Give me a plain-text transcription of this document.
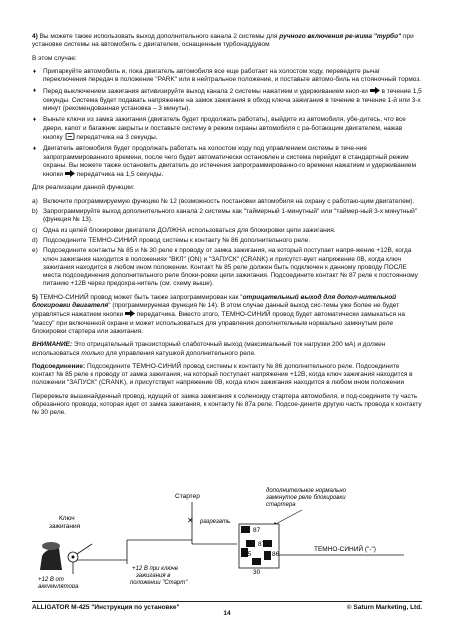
4) Вы можете также использовать выход дополнительного канала 2 системы для ручного включения ре-жима "турбо" при установке системы на автомобиль с двигателем, оснащенным турбонаддувом

В этом случае:

♦ Припаркуйте автомобиль и, пока двигатель автомобиля все еще работает на холостом ходу, переведите рычаг переключения передач в положение "PARK" или в нейтральное положение, и поставьте автомо-биль на стояночный тормоз.
♦ Перед выключением зажигания активизируйте выход канала 2 системы нажатием и удерживанием кноп-ки в течение 1,5 секунды. Система будет подавать напряжение на замок зажигания в обход ключа зажигания в течение в течение 1-й или 3-х минут (рекомендованная установка – 3 минуты).
♦ Выньте ключи из замка зажигания (двигатель будет продолжать работать), выйдите из автомобиля, убе-дитесь, что все двери, капот и багажник закрыты и поставьте систему в режим охраны автомобиля с ра-ботающим двигателем, нажав кнопку передатчика на 3 секунды.
♦ Двигатель автомобиля будет продолжать работать на холостом ходу под управлением системы в тече-ние запрограммированного времени, после чего будет автоматически остановлен и система перейдет в стандартный режим охраны. Вы можете также остановить двигатель до истечения запрограммированно-го времени нажатием и удерживанием кнопки передатчика на 1,5 секунды.

Для реализации данной функции:

а) Включите программируемую функцию № 12 (возможность постановки автомобиля на охрану с работаю-щим двигателем).
b) Запрограммируйте выход дополнительного канала 2 системы как "таймерный 1-минутный" или "таймер-ный 3-х минутный" (функция № 13).
с) Одна из цепей блокировки двигателя ДОЛЖНА использоваться для блокировки цепи зажигания.
d) Подсоедините ТЕМНО-СИНИЙ провод системы к контакту № 86 дополнительного реле.
е) Подсоедините контакты № 85 и № 30 реле к проводу от замка зажигания, на который поступает напря-жение +12В, когда ключ зажигания находится в положениях "ВКЛ" (ON) и "ЗАПУСК" (CRANK) и присутст-вует напряжение 0В, когда ключ зажигания находится в любом ином положении. Контакт № 85 реле должен быть подключен к данному проводу ПОСЛЕ места подсоединения дополнительного реле блоки-ровки цепи зажигания. Подсоедините контакт № 87 реле к постоянному питанию +12В через предохра-нитель (см. схему выше).

5) ТЕМНО-СИНИЙ провод может быть также запрограммирован как "отрицательный выход для допол-нительной блокировки двигателя" (программируемая функция № 14). В этом случае данный выход сис-темы уже более не будет управляться нажатием кнопки передатчика. Вместо этого, ТЕМНО-СИНИЙ провод будет автоматически замыкаться на "массу" при включенной охране и может использоваться для управления дополнительным нормально замкнутым реле блокировки стартера или зажигания.

ВНИМАНИЕ: Это отрицательный транзисторный слаботочный выход (максимальный ток нагрузки 200 мА) и должен использоваться только для управления катушкой дополнительного реле.

Подсоединение: Подсоедините ТЕМНО-СИНИЙ провод системы к контакту № 86 дополнительного реле. Подсоедините контакт № 85 реле к проводу от замка зажигания, на который поступает напряжение +12В, когда ключ зажигания находится в положении "ЗАПУСК" (CRANK), и присутствует напряжение 0В, когда ключ зажигания находится в любом ином положении

Перережьте вышенайденный провод, идущий от замка зажигания к соленоиду стартера автомобиля, и под-соедините ту часть обрезанного провода, которая идет от замка зажигания, к контакту № 87а реле. Подсое-дините другую часть провода к контакту № 30 реле.

Ключ
зажигания
+12 В от
аккумулятора
Стартер
✕ разрезать
+12 В при ключе
зажигания в
положении "Старт"
дополнительное нормально
замкнутое реле блокировки
стартера
87
87a
85	86
30
ТЕМНО-СИНИЙ ("-")
ALLIGATOR M-425 "Инструкция по установке"	© Saturn Marketing, Ltd.
14
